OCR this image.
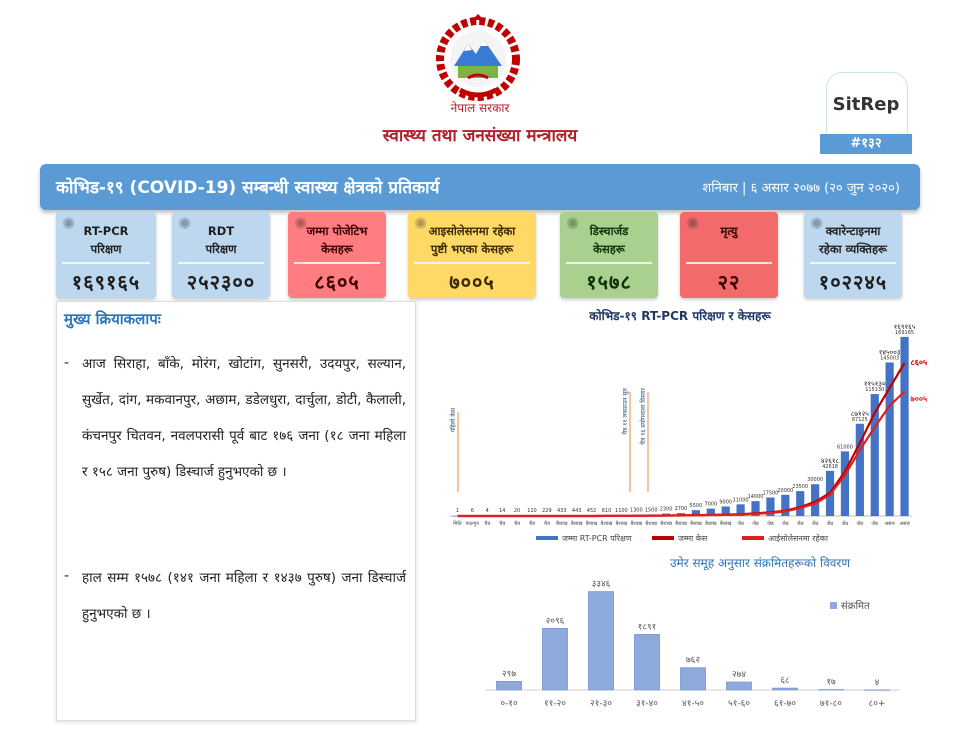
नेपाल सरकार
स्वास्थ्य तथा जनसंख्या मन्त्रालय
SitRep
#१३२
कोभिड-१९ (COVID-19) सम्बन्धी स्वास्थ्य क्षेत्रको प्रतिकार्य	शनिबार | ६ असार २०७७ (२० जुन २०२०)
✺ RT-PCR
परिक्षण
१६९१६५
✺	RDT
परिक्षण
२५२३००
✺ जम्मा पोजेटिभ
केसहरू
८६०५
✺ आइसोलेसनमा रहेका
पुष्टी भएका केसहरू
७००५
✺ डिस्चार्जड
केसहरू
१५७८
✺	मृत्यु
२२
✺ क्वारेन्टाइनमा
रहेका व्यक्तिहरू
१०२२४५
मुख्य क्रियाकलापः
- आज सिराहा, बाँके, मोरंग, खोटांग, सुनसरी, उदयपुर, सल्यान, सुर्खेत, दांग, मकवानपुर, अछाम, डडेलधुरा, दार्चुला, डोटी, कैलाली, कंचनपुर चितवन, नवलपरासी पूर्व बाट १७६ जना (१८ जना महिला र १५८ जना पुरुष) डिस्चार्ज हुनुभएको छ ।
- हाल सम्म १५७८ (१४१ जना महिला र १४३७ पुरुष) जना डिस्चार्ज हुनुभएको छ ।
कोभिड-१९ RT-PCR परिक्षण र केसहरू
1
मिति
6
फाल्गुन
4
चैत्र
14
चैत्र
20
चैत्र
110
चैत्र
229
चैत्र
433
बैशाख
443
बैशाख
452
बैशाख
610
बैशाख
1100
बैशाख
1300
बैशाख
1500
बैशाख
2300
बैशाख
2700
बैशाख
5500
बैशाख
7000
बैशाख
9000
बैशाख
11000
जेठ
14000
जेठ
17500
जेठ
20000
जेठ
23500
जेठ
30000
जेठ
42618
जेठ
61000
जेठ
87125
जेठ
115130
जेठ
145003
असार
169165
असार
१६९१६५
१४५००३
११५१३०
८७१२५
४२६१८
८६०५
७००५
पहिलो केस	चैत्र ११ लकडाउन सुरु चैत्र १६ प्रयोगशाला विस्तार
जम्मा RT-PCR परिक्षण	जम्मा केस	आईसोलेसनमा रहेका
उमेर समूह अनुसार संक्रमितहरूको विवरण
२९७
०-१०
२०९६
११-२०
३३४६
२१-३०
१८९१
३१-४०
७६२
४१-५०
२७४
५१-६०
६८
६१-७०
१७
७१-८०
४
८०+
संक्रमित
